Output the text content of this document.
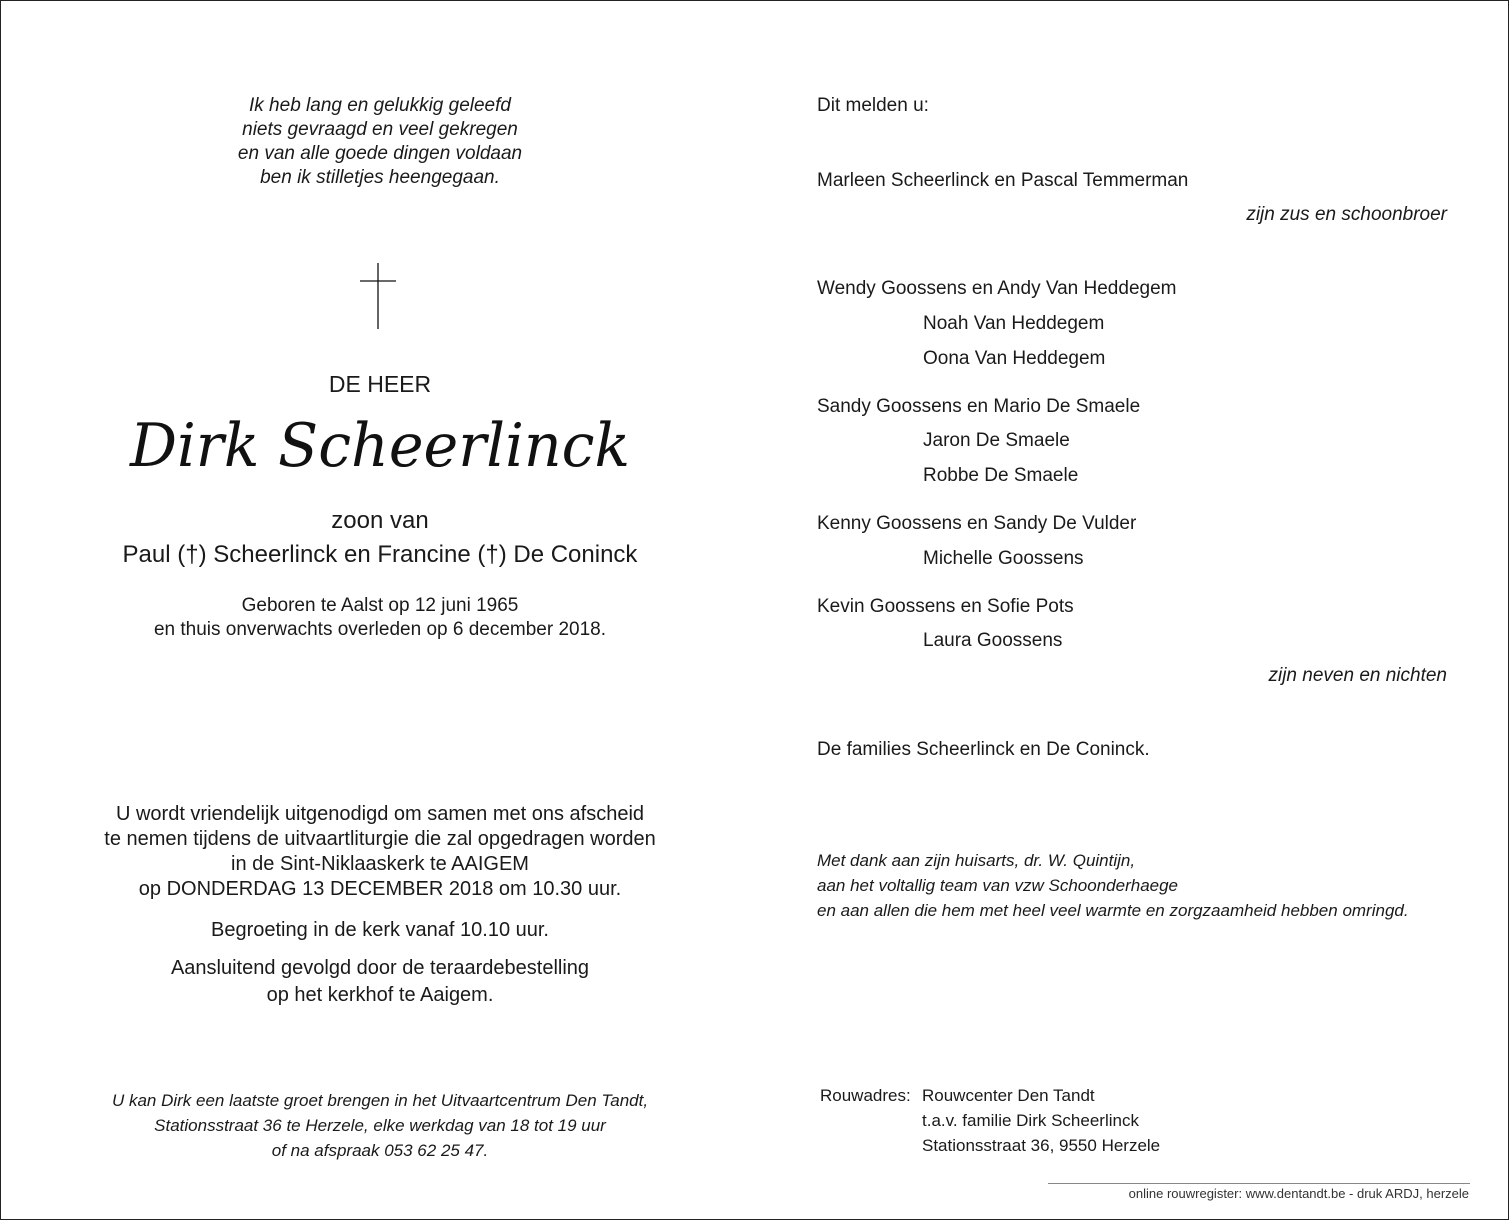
Ik heb lang en gelukkig geleefd
niets gevraagd en veel gekregen
en van alle goede dingen voldaan
ben ik stilletjes heengegaan.
DE HEER
Dirk Scheerlinck
zoon van
Paul (†) Scheerlinck en Francine (†) De Coninck
Geboren te Aalst op 12 juni 1965
en thuis onverwachts overleden op 6 december 2018.
U wordt vriendelijk uitgenodigd om samen met ons afscheid
te nemen tijdens de uitvaartliturgie die zal opgedragen worden
in de Sint-Niklaaskerk te AAIGEM
op DONDERDAG 13 DECEMBER 2018 om 10.30 uur.
Begroeting in de kerk vanaf 10.10 uur.
Aansluitend gevolgd door de teraardebestelling
op het kerkhof te Aaigem.
U kan Dirk een laatste groet brengen in het Uitvaartcentrum Den Tandt,
Stationsstraat 36 te Herzele, elke werkdag van 18 tot 19 uur
of na afspraak 053 62 25 47.
Dit melden u:
Marleen Scheerlinck en Pascal Temmerman
zijn zus en schoonbroer
Wendy Goossens en Andy Van Heddegem
Noah Van Heddegem
Oona Van Heddegem
Sandy Goossens en Mario De Smaele
Jaron De Smaele
Robbe De Smaele
Kenny Goossens en Sandy De Vulder
Michelle Goossens
Kevin Goossens en Sofie Pots
Laura Goossens
zijn neven en nichten
De families Scheerlinck en De Coninck.
Met dank aan zijn huisarts, dr. W. Quintijn,
aan het voltallig team van vzw Schoonderhaege
en aan allen die hem met heel veel warmte en zorgzaamheid hebben omringd.
Rouwadres: Rouwcenter Den Tandt
t.a.v. familie Dirk Scheerlinck
Stationsstraat 36, 9550 Herzele
online rouwregister: www.dentandt.be - druk ARDJ, herzele
